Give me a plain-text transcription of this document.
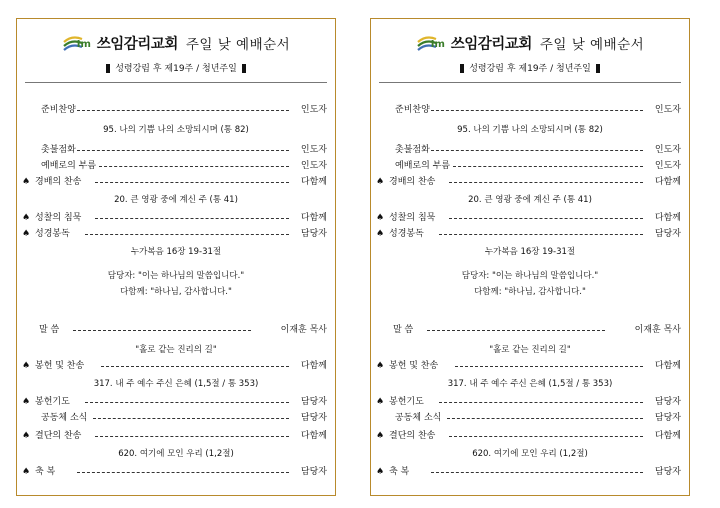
Im 쓰임감리교회 주일 낮 예배순서
성령강림 후 제19주 / 청년주일
준비찬양	인도자
95. 나의 기쁨 나의 소망되시며 (통 82)
촛불점화	인도자
예배로의 부름	인도자
♠ 경배의 찬송	다함께
20. 큰 영광 중에 계신 주 (통 41)
♠ 성찰의 침묵	다함께
♠ 성경봉독	담당자
누가복음 16장 19-31절
담당자: "이는 하나님의 말씀입니다."
다함께: "하나님, 감사합니다."
말 씀	이재훈 목사
"홀로 같는 진리의 길"
♠ 봉헌 및 찬송	다함께
317. 내 주 예수 주신 은혜 (1,5절 / 통 353)
♠ 봉헌기도	담당자
공동체 소식	담당자
♠ 결단의 찬송	다함께
620. 여기에 모인 우리 (1,2절)
♠ 축 복	담당자
Im 쓰임감리교회 주일 낮 예배순서
성령강림 후 제19주 / 청년주일
준비찬양	인도자
95. 나의 기쁨 나의 소망되시며 (통 82)
촛불점화	인도자
예배로의 부름	인도자
♠ 경배의 찬송	다함께
20. 큰 영광 중에 계신 주 (통 41)
♠ 성찰의 침묵	다함께
♠ 성경봉독	담당자
누가복음 16장 19-31절
담당자: "이는 하나님의 말씀입니다."
다함께: "하나님, 감사합니다."
말 씀	이재훈 목사
"홀로 같는 진리의 길"
♠ 봉헌 및 찬송	다함께
317. 내 주 예수 주신 은혜 (1,5절 / 통 353)
♠ 봉헌기도	담당자
공동체 소식	담당자
♠ 결단의 찬송	다함께
620. 여기에 모인 우리 (1,2절)
♠ 축 복	담당자
